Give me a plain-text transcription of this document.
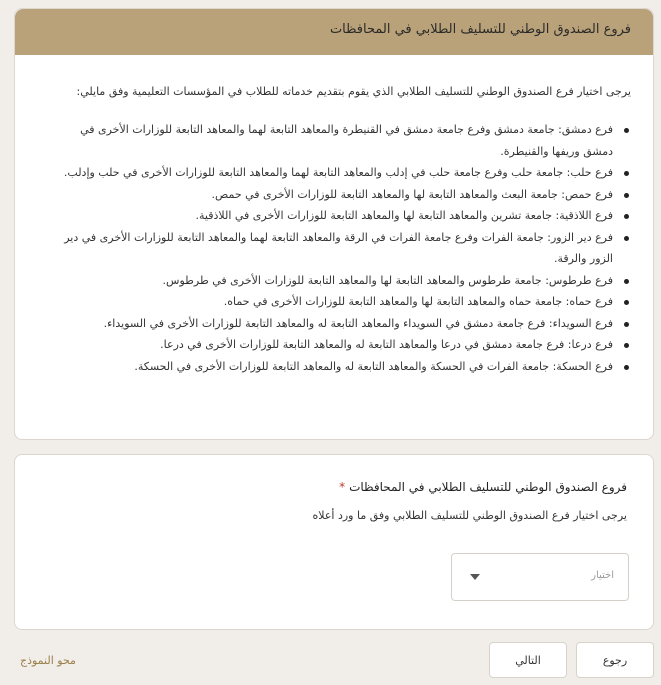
فروع الصندوق الوطني للتسليف الطلابي في المحافظات

يرجى اختيار فرع الصندوق الوطني للتسليف الطلابي الذي يقوم بتقديم خدماته للطلاب في المؤسسات التعليمية وفق مايلي:

فرع دمشق: جامعة دمشق وفرع جامعة دمشق في القنيطرة والمعاهد التابعة لهما والمعاهد التابعة للوزارات الأخرى في دمشق وريفها والقنيطرة.
فرع حلب: جامعة حلب وفرع جامعة حلب في إدلب والمعاهد التابعة لهما والمعاهد التابعة للوزارات الأخرى في حلب وإدلب.
فرع حمص: جامعة البعث والمعاهد التابعة لها والمعاهد التابعة للوزارات الأخرى في حمص.
فرع اللاذقية: جامعة تشرين والمعاهد التابعة لها والمعاهد التابعة للوزارات الأخرى في اللاذقية.
فرع دير الزور: جامعة الفرات وفرع جامعة الفرات في الرقة والمعاهد التابعة لهما والمعاهد التابعة للوزارات الأخرى في دير الزور والرقة.
فرع طرطوس: جامعة طرطوس والمعاهد التابعة لها والمعاهد التابعة للوزارات الأخرى في طرطوس.
فرع حماه: جامعة حماه والمعاهد التابعة لها والمعاهد التابعة للوزارات الأخرى في حماه.
فرع السويداء: فرع جامعة دمشق في السويداء والمعاهد التابعة له والمعاهد التابعة للوزارات الأخرى في السويداء.
فرع درعا: فرع جامعة دمشق في درعا والمعاهد التابعة له والمعاهد التابعة للوزارات الأخرى في درعا.
فرع الحسكة: جامعة الفرات في الحسكة والمعاهد التابعة له والمعاهد التابعة للوزارات الأخرى في الحسكة.
فروع الصندوق الوطني للتسليف الطلابي في المحافظات*

يرجى اختيار فرع الصندوق الوطني للتسليف الطلابي وفق ما ورد أعلاه

اختيار
رجوع
التالي
محو النموذج
